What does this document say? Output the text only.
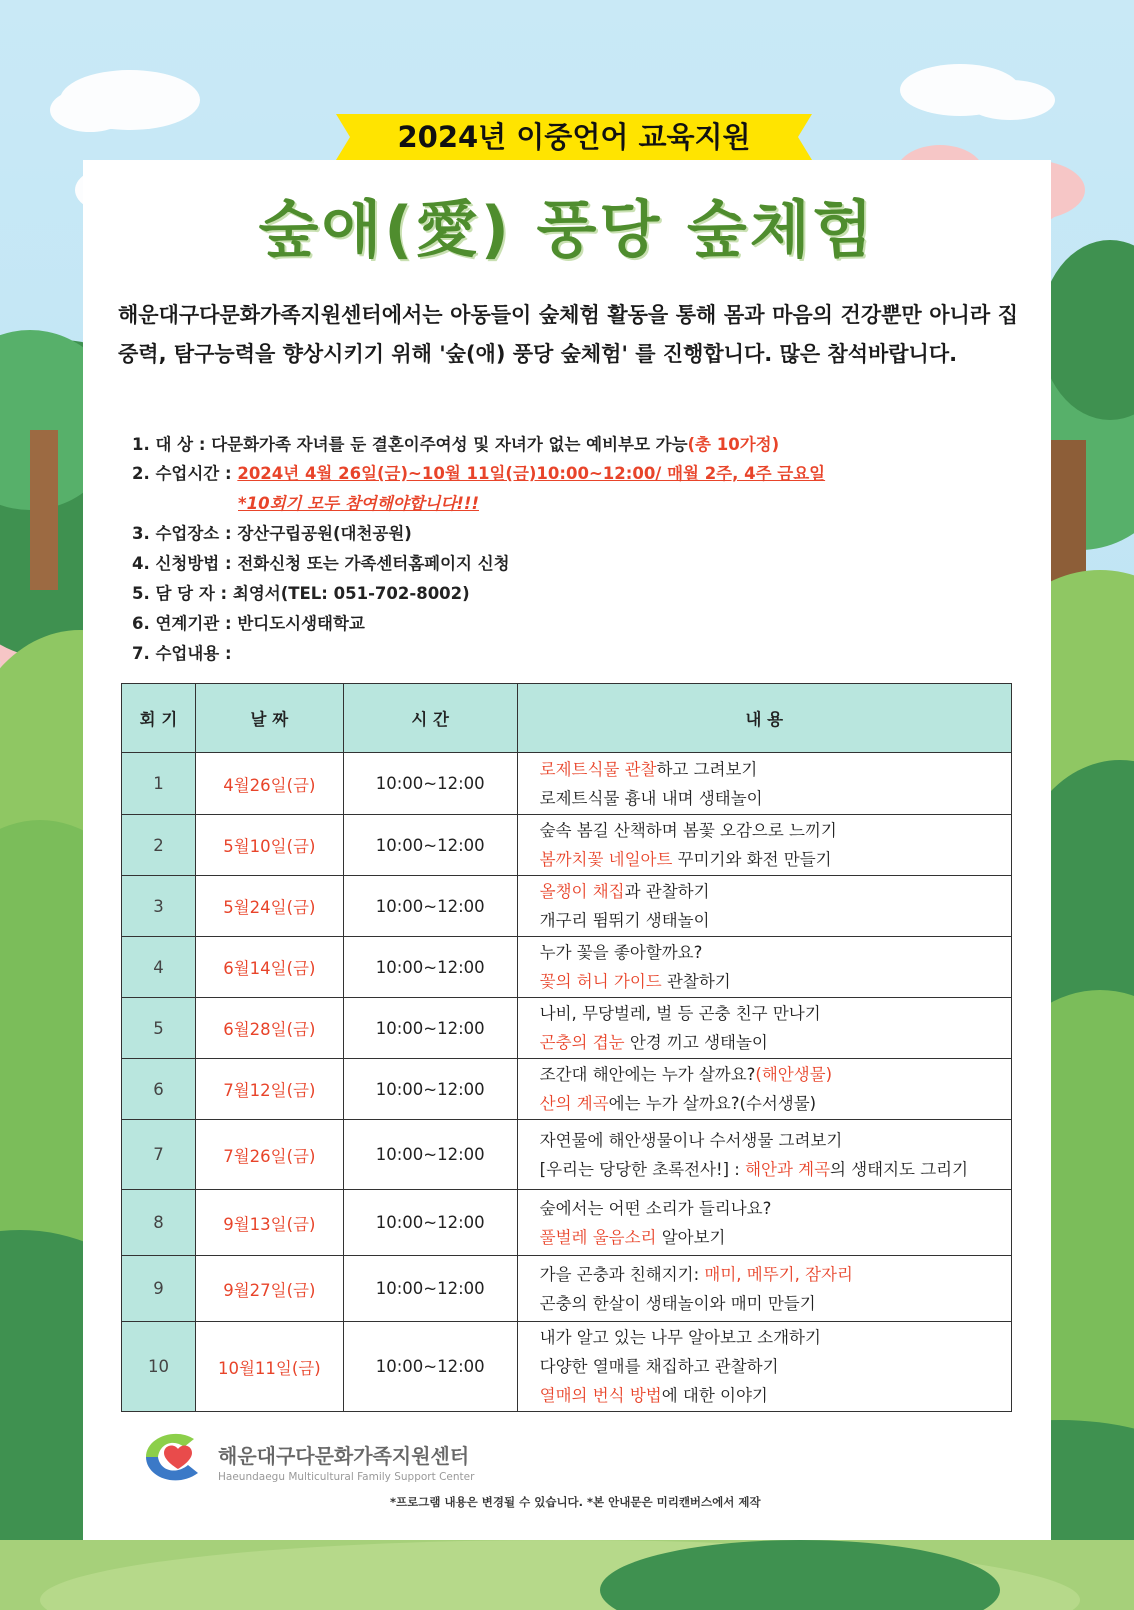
2024년 이중언어 교육지원
숲애(愛) 풍당 숲체험
해운대구다문화가족지원센터에서는 아동들이 숲체험 활동을 통해 몸과 마음의 건강뿐만 아니라 집중력, 탐구능력을 향상시키기 위해 '숲(애) 풍당 숲체험' 를 진행합니다. 많은 참석바랍니다.
1. 대 상 : 다문화가족 자녀를 둔 결혼이주여성 및 자녀가 없는 예비부모 가능(총 10가정)
2. 수업시간 : 2024년 4월 26일(금)~10월 11일(금)10:00~12:00/ 매월 2주, 4주 금요일
*10회기 모두 참여해야합니다!!!
3. 수업장소 : 장산구립공원(대천공원)
4. 신청방법 : 전화신청 또는 가족센터홈페이지 신청
5. 담 당 자 : 최영서(TEL: 051-702-8002)
6. 연계기관 : 반디도시생태학교
7. 수업내용 :
회 기	날 짜	시 간	내 용
1	4월26일(금)	10:00~12:00	로제트식물 관찰하고 그려보기
로제트식물 흉내 내며 생태놀이

2	5월10일(금)	10:00~12:00	숲속 봄길 산책하며 봄꽃 오감으로 느끼기
봄까치꽃 네일아트 꾸미기와 화전 만들기

3	5월24일(금)	10:00~12:00	올챙이 채집과 관찰하기
개구리 뜀뛰기 생태놀이

4	6월14일(금)	10:00~12:00	누가 꽃을 좋아할까요?
꽃의 허니 가이드 관찰하기

5	6월28일(금)	10:00~12:00	나비, 무당벌레, 벌 등 곤충 친구 만나기
곤충의 겹눈 안경 끼고 생태놀이

6	7월12일(금)	10:00~12:00	조간대 해안에는 누가 살까요?(해안생물)
산의 계곡에는 누가 살까요?(수서생물)

7	7월26일(금)	10:00~12:00	자연물에 해안생물이나 수서생물 그려보기
[우리는 당당한 초록전사!] : 해안과 계곡의 생태지도 그리기

8	9월13일(금)	10:00~12:00	숲에서는 어떤 소리가 들리나요?
풀벌레 울음소리 알아보기

9	9월27일(금)	10:00~12:00	가을 곤충과 친해지기: 매미, 메뚜기, 잠자리
곤충의 한살이 생태놀이와 매미 만들기

10	10월11일(금)	10:00~12:00	내가 알고 있는 나무 알아보고 소개하기
다양한 열매를 채집하고 관찰하기
열매의 번식 방법에 대한 이야기
해운대구다문화가족지원센터
Haeundaegu Multicultural Family Support Center
*프로그램 내용은 변경될 수 있습니다. *본 안내문은 미리캔버스에서 제작
